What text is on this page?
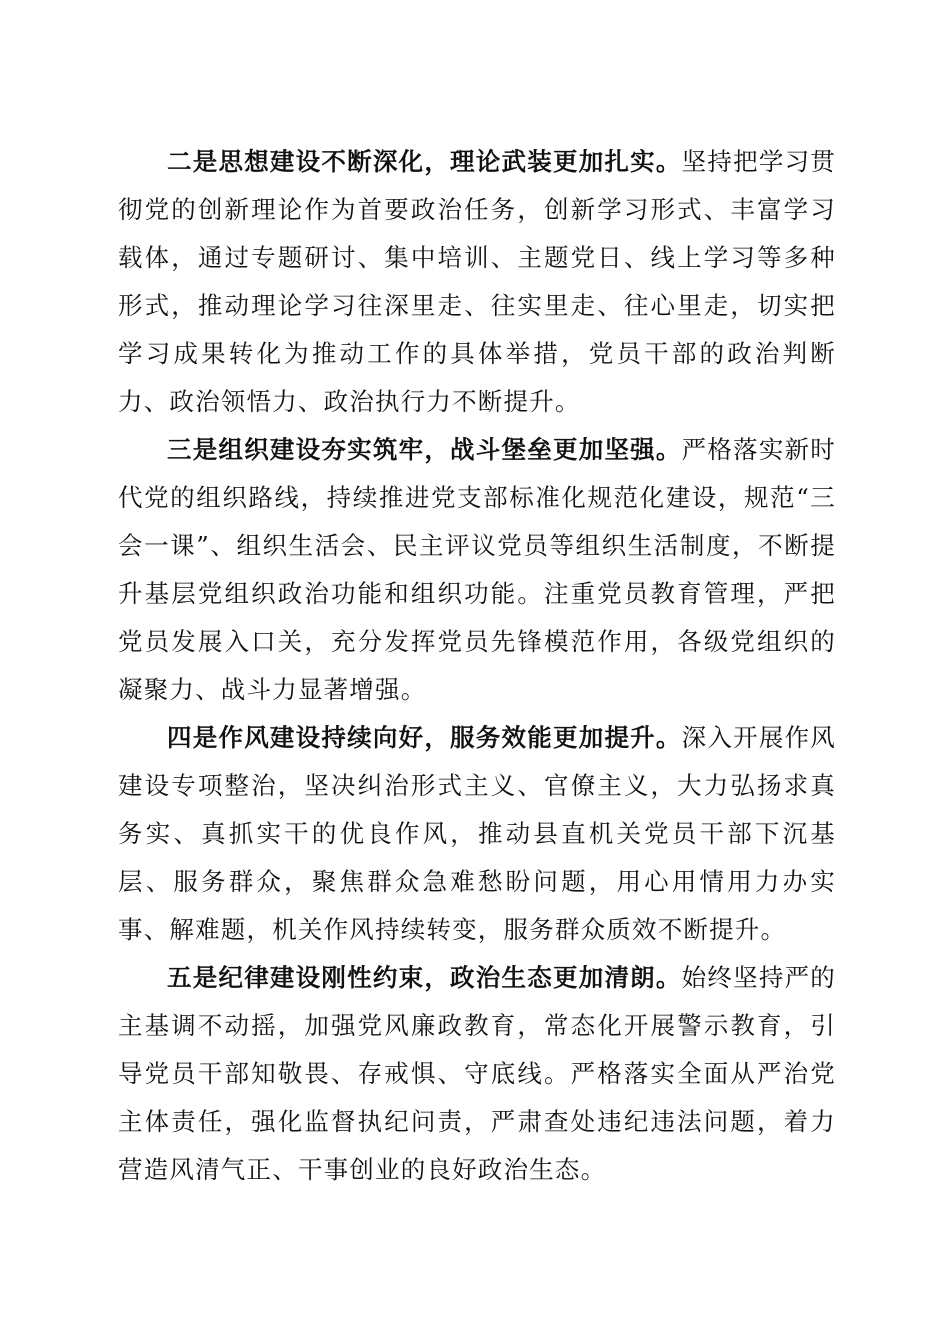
二是思想建设不断深化，理论武装更加扎实。坚持把学习贯彻党的创新理论作为首要政治任务，创新学习形式、丰富学习载体，通过专题研讨、集中培训、主题党日、线上学习等多种形式，推动理论学习往深里走、往实里走、往心里走，切实把学习成果转化为推动工作的具体举措，党员干部的政治判断力、政治领悟力、政治执行力不断提升。

三是组织建设夯实筑牢，战斗堡垒更加坚强。严格落实新时代党的组织路线，持续推进党支部标准化规范化建设，规范“三会一课”、组织生活会、民主评议党员等组织生活制度，不断提升基层党组织政治功能和组织功能。注重党员教育管理，严把党员发展入口关，充分发挥党员先锋模范作用，各级党组织的凝聚力、战斗力显著增强。

四是作风建设持续向好，服务效能更加提升。深入开展作风建设专项整治，坚决纠治形式主义、官僚主义，大力弘扬求真务实、真抓实干的优良作风，推动县直机关党员干部下沉基层、服务群众，聚焦群众急难愁盼问题，用心用情用力办实事、解难题，机关作风持续转变，服务群众质效不断提升。

五是纪律建设刚性约束，政治生态更加清朗。始终坚持严的主基调不动摇，加强党风廉政教育，常态化开展警示教育，引导党员干部知敬畏、存戒惧、守底线。严格落实全面从严治党主体责任，强化监督执纪问责，严肃查处违纪违法问题，着力营造风清气正、干事创业的良好政治生态。
